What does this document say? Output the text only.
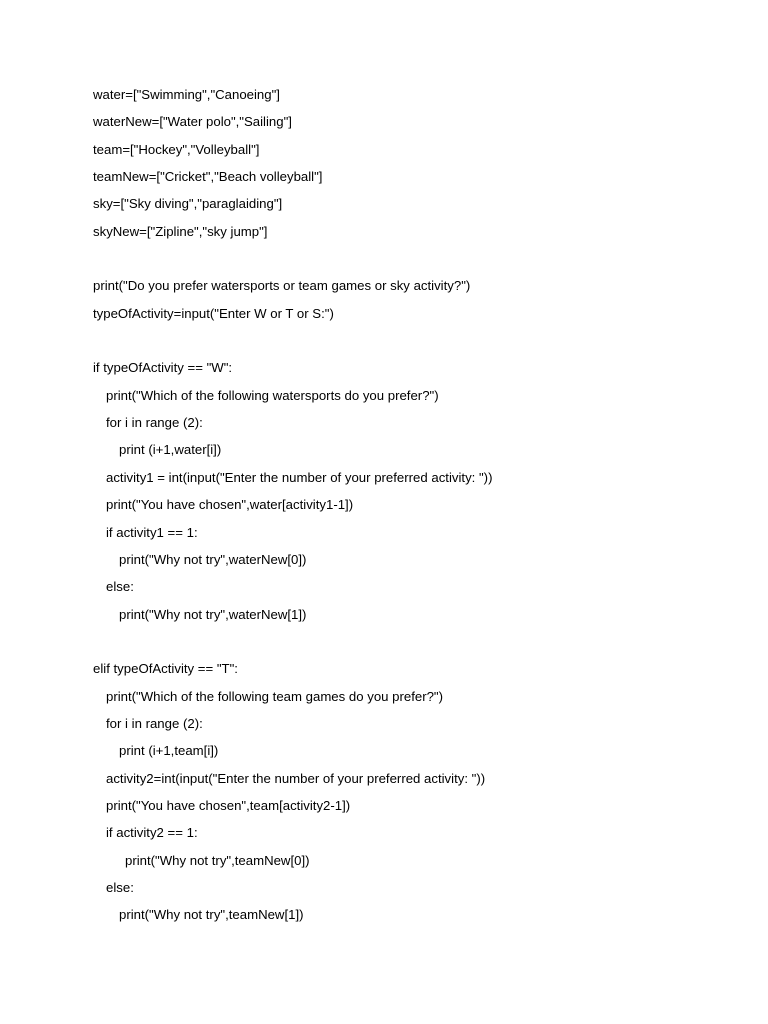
water=["Swimming","Canoeing"]
waterNew=["Water polo","Sailing"]
team=["Hockey","Volleyball"]
teamNew=["Cricket","Beach volleyball"]
sky=["Sky diving","paraglaiding"]
skyNew=["Zipline","sky jump"]
print("Do you prefer watersports or team games or sky activity?")
typeOfActivity=input("Enter W or T or S:")
if typeOfActivity == "W":
print("Which of the following watersports do you prefer?")
for i in range (2):
print (i+1,water[i])
activity1 = int(input("Enter the number of your preferred activity: "))
print("You have chosen",water[activity1-1])
if activity1 == 1:
print("Why not try",waterNew[0])
else:
print("Why not try",waterNew[1])
elif typeOfActivity == "T":
print("Which of the following team games do you prefer?")
for i in range (2):
print (i+1,team[i])
activity2=int(input("Enter the number of your preferred activity: "))
print("You have chosen",team[activity2-1])
if activity2 == 1:
print("Why not try",teamNew[0])
else:
print("Why not try",teamNew[1])
